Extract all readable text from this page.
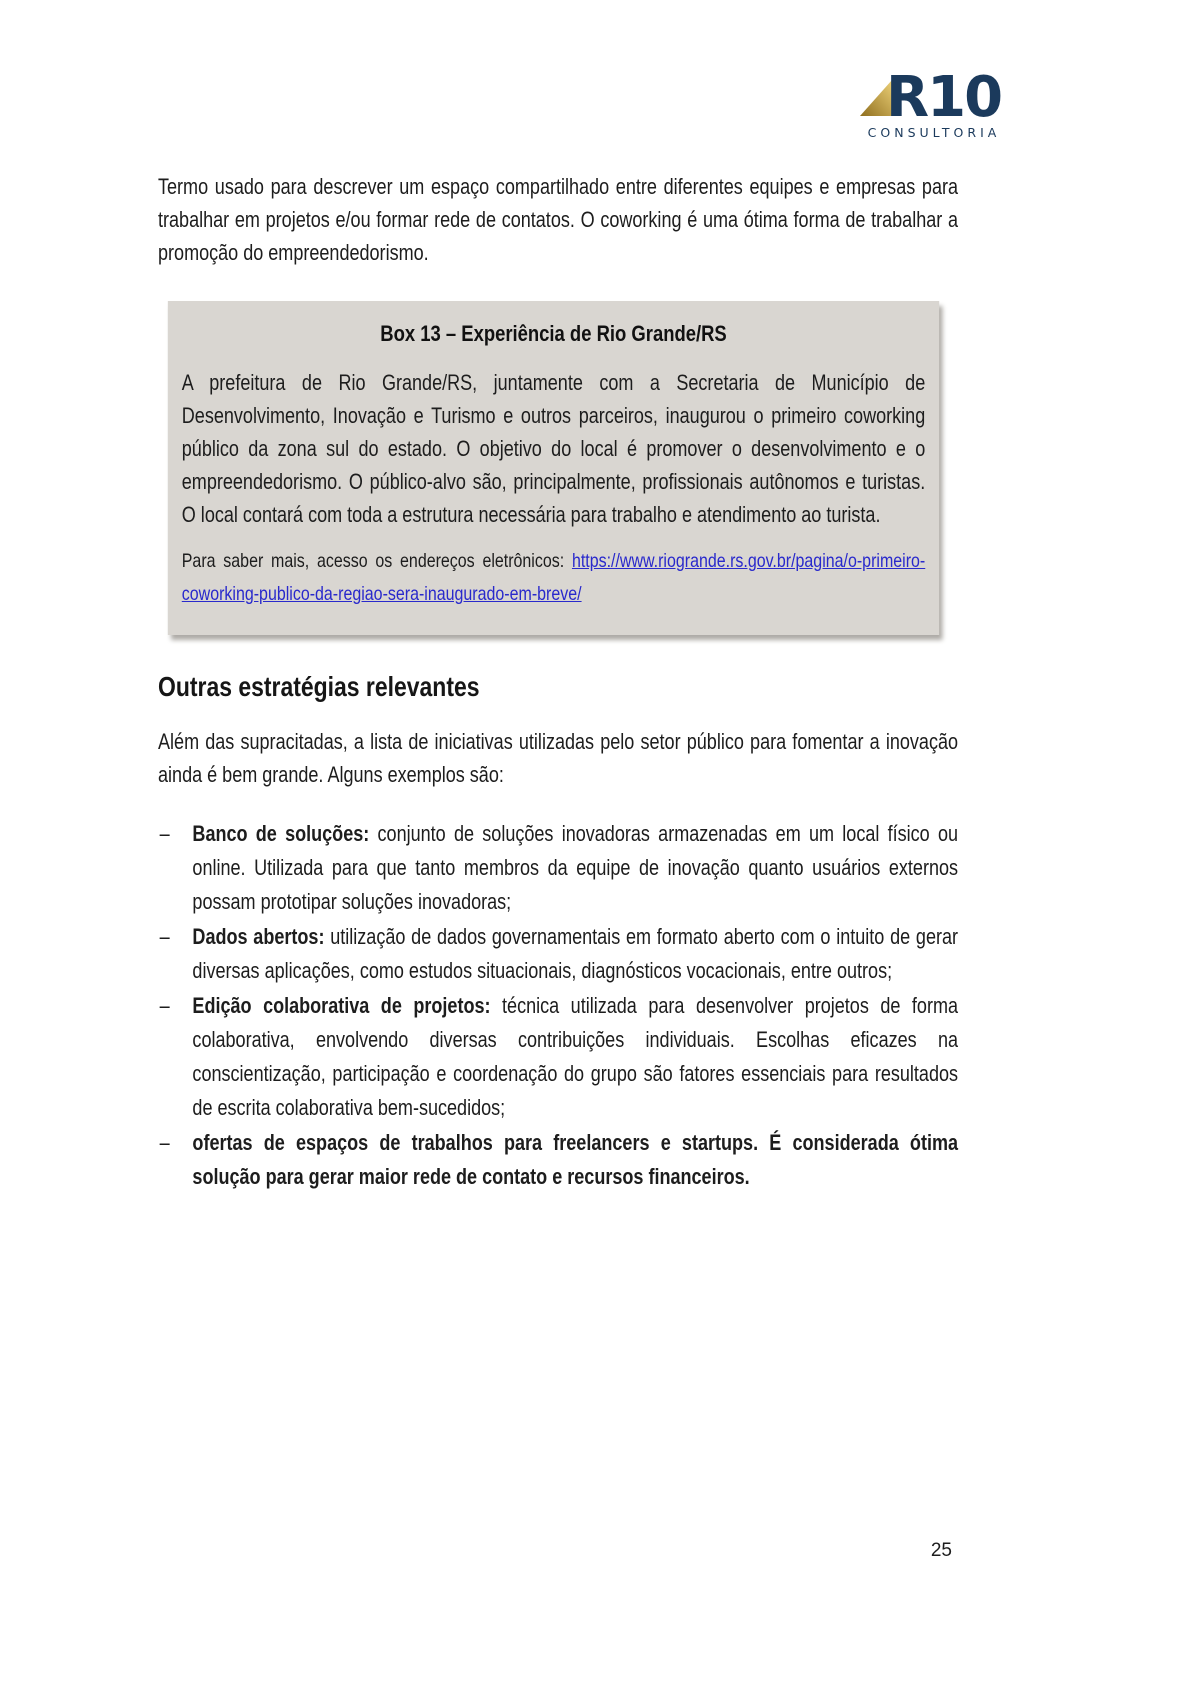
R10
CONSULTORIA

Termo usado para descrever um espaço compartilhado entre diferentes equipes e empresas para trabalhar em projetos e/ou formar rede de contatos. O coworking é uma ótima forma de trabalhar a promoção do empreendedorismo.

Box 13 – Experiência de Rio Grande/RS

A prefeitura de Rio Grande/RS, juntamente com a Secretaria de Município de Desenvolvimento, Inovação e Turismo e outros parceiros, inaugurou o primeiro coworking público da zona sul do estado. O objetivo do local é promover o desenvolvimento e o empreendedorismo. O público-alvo são, principalmente, profissionais autônomos e turistas. O local contará com toda a estrutura necessária para trabalho e atendimento ao turista.

Para saber mais, acesso os endereços eletrônicos: https://www.riogrande.rs.gov.br/pagina/o-primeiro-coworking-publico-da-regiao-sera-inaugurado-em-breve/

Outras estratégias relevantes

Além das supracitadas, a lista de iniciativas utilizadas pelo setor público para fomentar a inovação ainda é bem grande. Alguns exemplos são:

– Banco de soluções: conjunto de soluções inovadoras armazenadas em um local físico ou online. Utilizada para que tanto membros da equipe de inovação quanto usuários externos possam prototipar soluções inovadoras;
– Dados abertos: utilização de dados governamentais em formato aberto com o intuito de gerar diversas aplicações, como estudos situacionais, diagnósticos vocacionais, entre outros;
– Edição colaborativa de projetos: técnica utilizada para desenvolver projetos de forma colaborativa, envolvendo diversas contribuições individuais. Escolhas eficazes na conscientização, participação e coordenação do grupo são fatores essenciais para resultados de escrita colaborativa bem-sucedidos;
– ofertas de espaços de trabalhos para freelancers e startups. É considerada ótima solução para gerar maior rede de contato e recursos financeiros.
25
